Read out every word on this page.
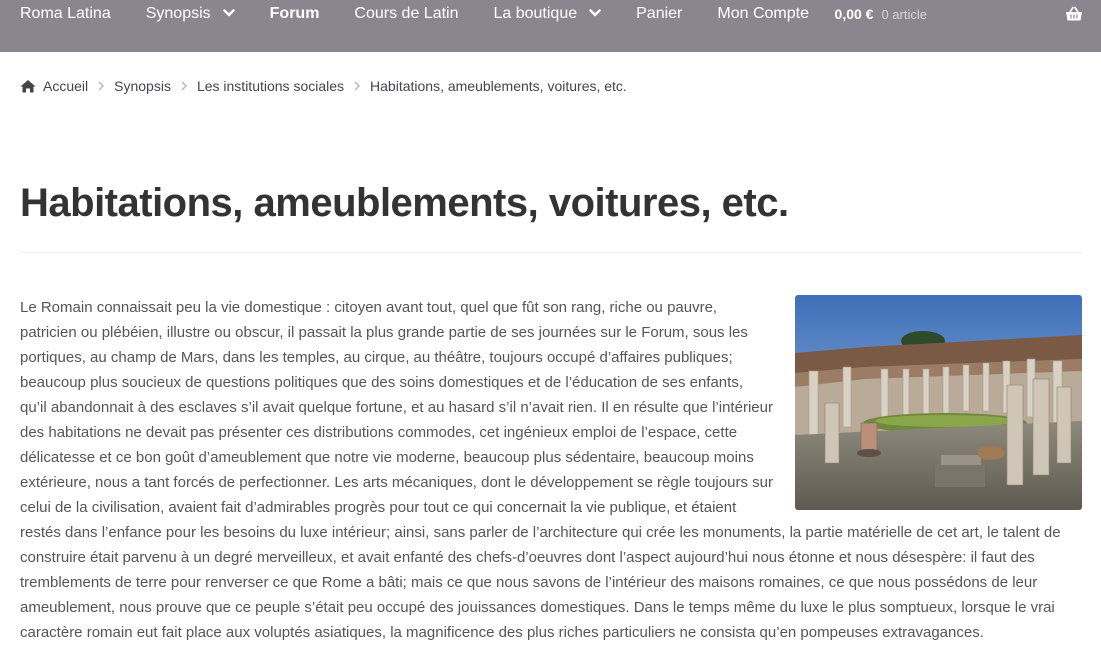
Roma Latina Synopsis	Forum Cours de Latin La boutique	Panier Mon Compte 0,00 € 0 article
Accueil Synopsis Les institutions sociales Habitations, ameublements, voitures, etc.
Habitations, ameublements, voitures, etc.

Le Romain connaissait peu la vie domestique : citoyen avant tout, quel que fût son rang, riche ou pauvre, patricien ou plébéien, illustre ou obscur, il passait la plus grande partie de ses journées sur le Forum, sous les portiques, au champ de Mars, dans les temples, au cirque, au théâtre, toujours occupé d’affaires publiques; beaucoup plus soucieux de questions politiques que des soins domestiques et de l’éducation de ses enfants, qu’il abandonnait à des esclaves s’il avait quelque fortune, et au hasard s’il n’avait rien. Il en résulte que l’intérieur des habitations ne devait pas présenter ces distributions commodes, cet ingénieux emploi de l’espace, cette délicatesse et ce bon goût d’ameublement que notre vie moderne, beaucoup plus sédentaire, beaucoup moins extérieure, nous a tant forcés de perfectionner. Les arts mécaniques, dont le développement se règle toujours sur celui de la civilisation, avaient fait d’admirables progrès pour tout ce qui concernait la vie publique, et étaient restés dans l’enfance pour les besoins du luxe intérieur; ainsi, sans parler de l’architecture qui crée les monuments, la partie matérielle de cet art, le talent de construire était parvenu à un degré merveilleux, et avait enfanté des chefs-d’oeuvres dont l’aspect aujourd’hui nous étonne et nous désespère: il faut des tremblements de terre pour renverser ce que Rome a bâti; mais ce que nous savons de l’intérieur des maisons romaines, ce que nous possédons de leur ameublement, nous prouve que ce peuple s’était peu occupé des jouissances domestiques. Dans le temps même du luxe le plus somptueux, lorsque le vrai caractère romain eut fait place aux voluptés asiatiques, la magnificence des plus riches particuliers ne consista qu’en pompeuses extravagances.
